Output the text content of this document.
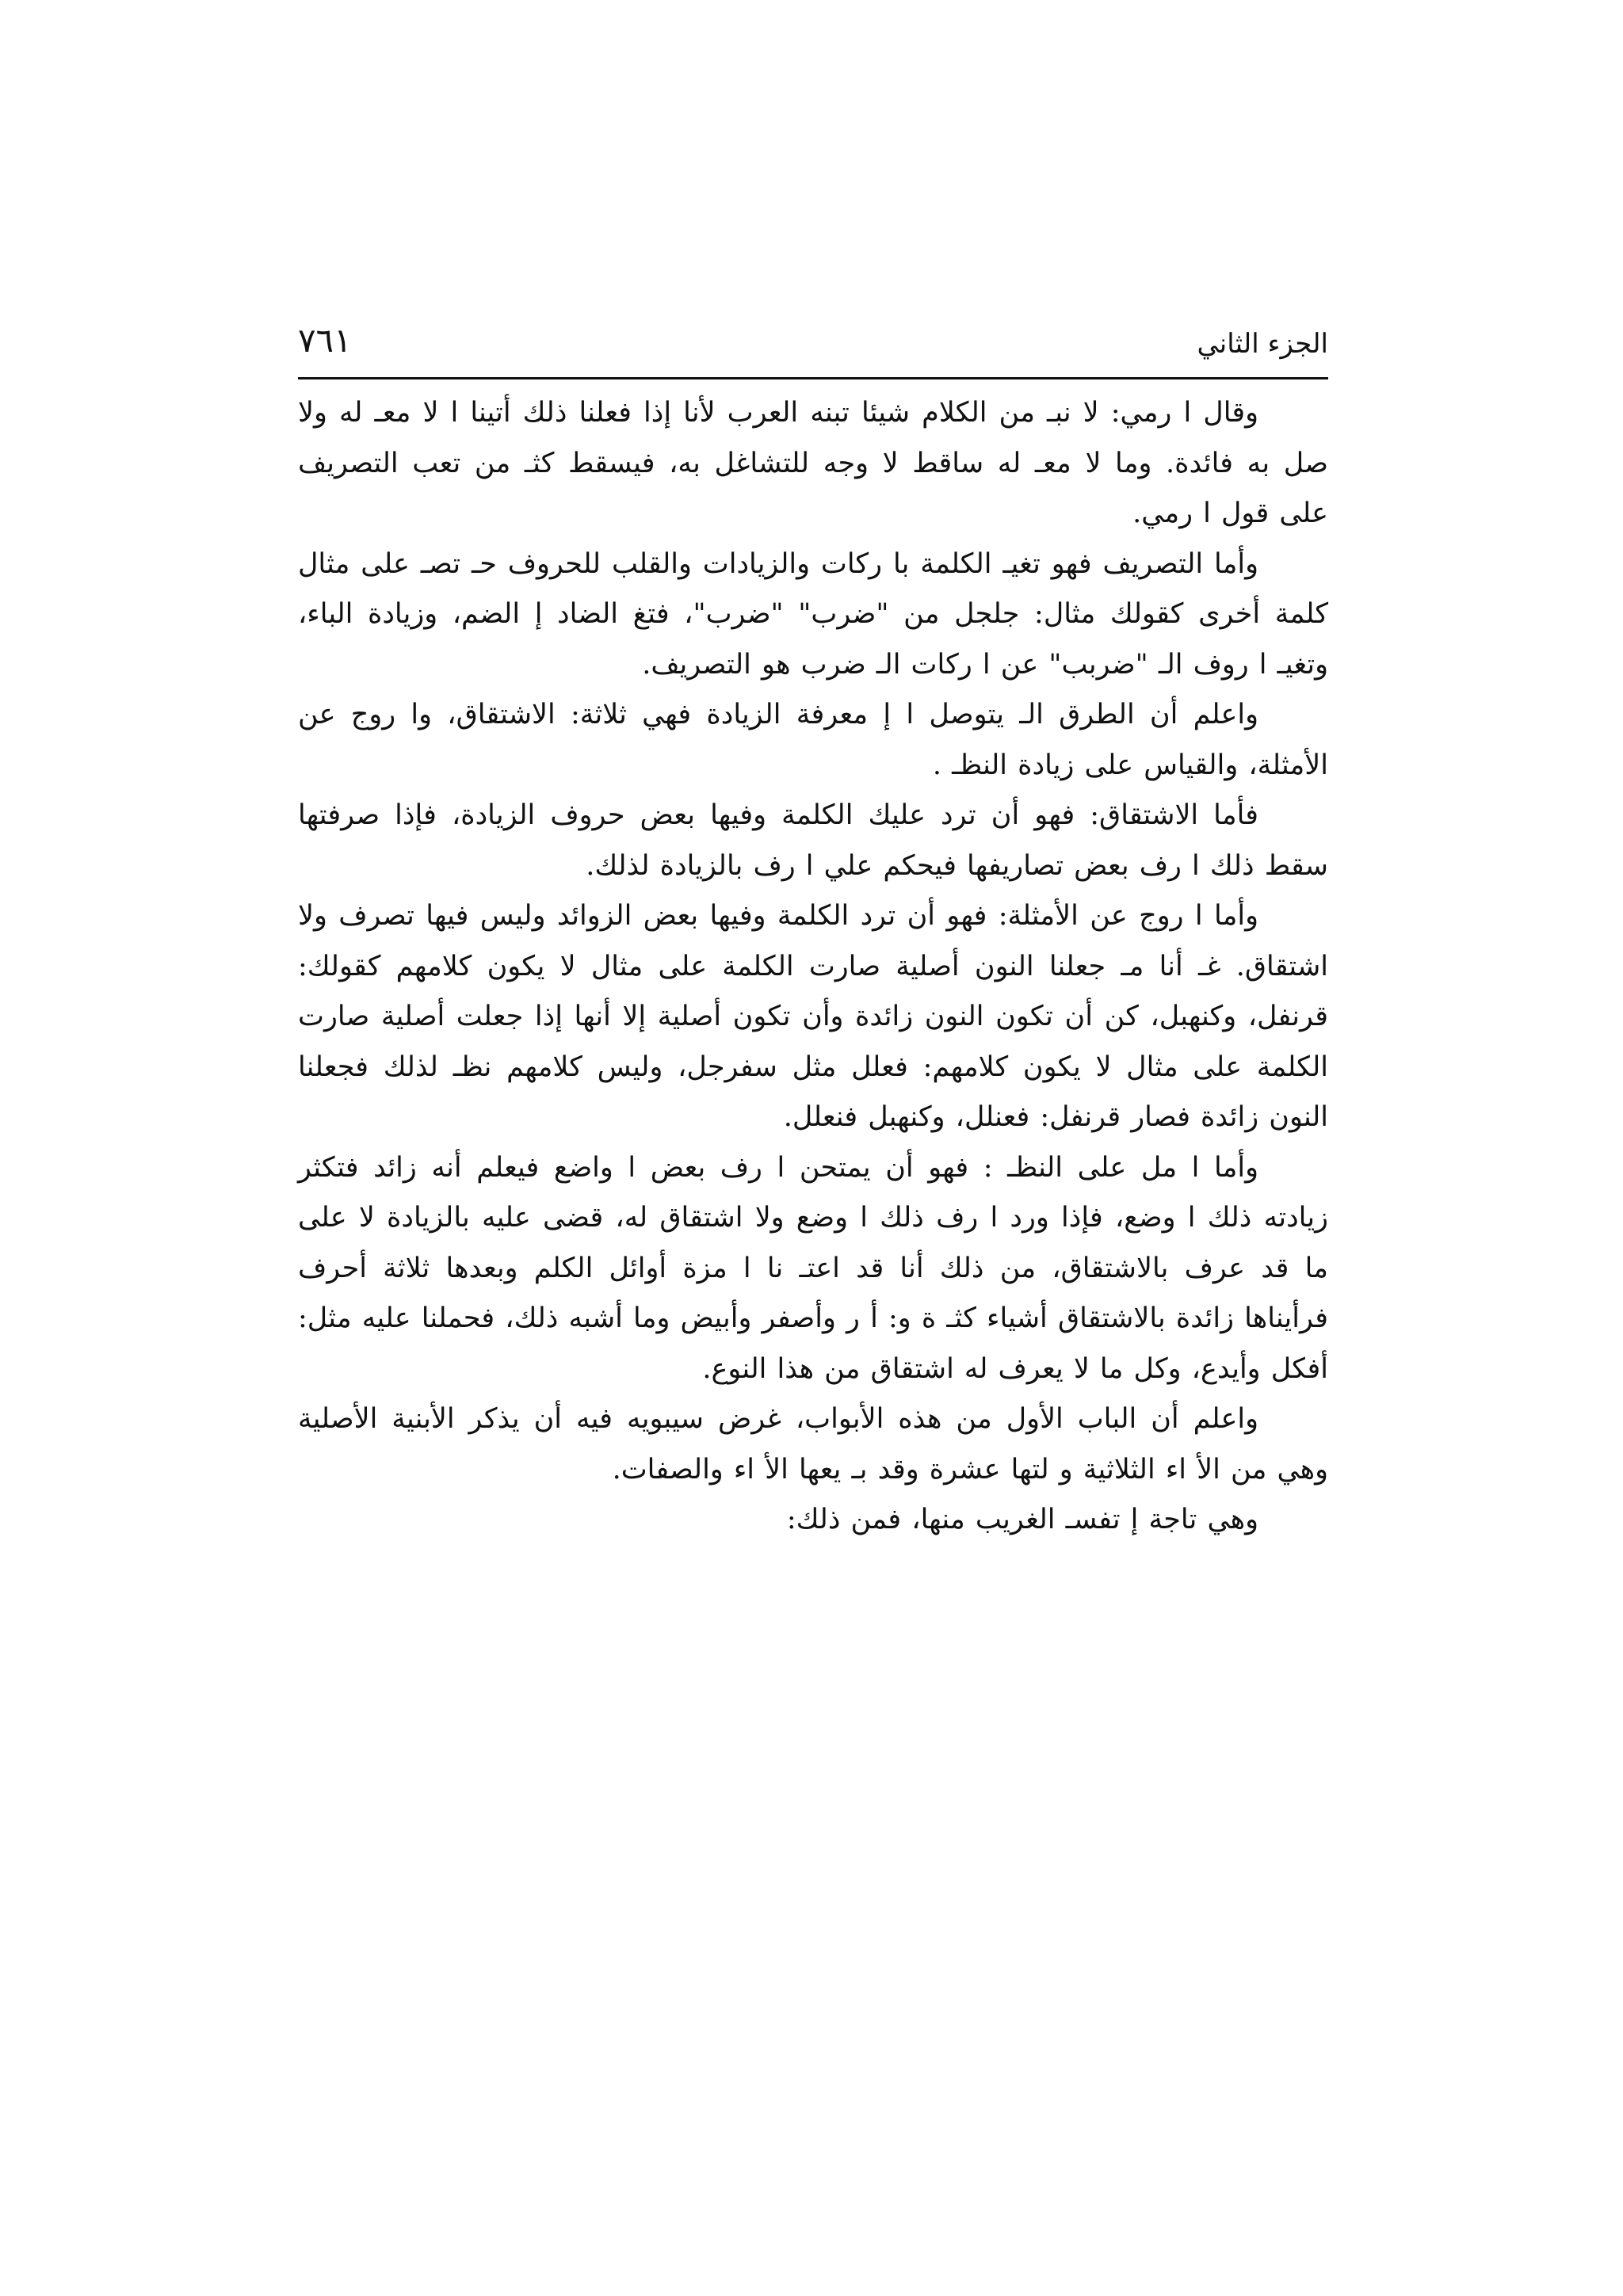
الجزء الثاني
٧٦١

وقال ا رمي: لا نبـ من الكلام شيئا تبنه العرب لأنا إذا فعلنا ذلك أتينا ا لا معـ له ولا صل به فائدة. وما لا معـ له ساقط لا وجه للتشاغل به، فيسقط كثـ من تعب التصريف على قول ا رمي.

وأما التصريف فهو تغيـ الكلمة با ركات والزيادات والقلب للحروف حـ تصـ على مثال كلمة أخرى كقولك مثال: جلجل من "ضرب" "ضرب"، فتغ الضاد إ الضم، وزيادة الباء، وتغيـ ا روف الـ "ضربب" عن ا ركات الـ ضرب هو التصريف.

واعلم أن الطرق الـ يتوصل ا إ معرفة الزيادة فهي ثلاثة: الاشتقاق، وا روج عن الأمثلة، والقياس على زيادة النظـ .

فأما الاشتقاق: فهو أن ترد عليك الكلمة وفيها بعض حروف الزيادة، فإذا صرفتها سقط ذلك ا رف بعض تصاريفها فيحكم علي ا رف بالزيادة لذلك.

وأما ا روج عن الأمثلة: فهو أن ترد الكلمة وفيها بعض الزوائد وليس فيها تصرف ولا اشتقاق. غـ أنا مـ جعلنا النون أصلية صارت الكلمة على مثال لا يكون كلامهم كقولك: قرنفل، وكنهبل، كن أن تكون النون زائدة وأن تكون أصلية إلا أنها إذا جعلت أصلية صارت الكلمة على مثال لا يكون كلامهم: فعلل مثل سفرجل، وليس كلامهم نظـ لذلك فجعلنا النون زائدة فصار قرنفل: فعنلل، وكنهبل فنعلل.

وأما ا مل على النظـ : فهو أن يمتحن ا رف بعض ا واضع فيعلم أنه زائد فتكثر زيادته ذلك ا وضع، فإذا ورد ا رف ذلك ا وضع ولا اشتقاق له، قضى عليه بالزيادة لا على ما قد عرف بالاشتقاق، من ذلك أنا قد اعتـ نا ا مزة أوائل الكلم وبعدها ثلاثة أحرف فرأيناها زائدة بالاشتقاق أشياء كثـ ة و: أ ر وأصفر وأبيض وما أشبه ذلك، فحملنا عليه مثل: أفكل وأيدع، وكل ما لا يعرف له اشتقاق من هذا النوع.

واعلم أن الباب الأول من هذه الأبواب، غرض سيبويه فيه أن يذكر الأبنية الأصلية وهي من الأ اء الثلاثية و لتها عشرة وقد بـ يعها الأ اء والصفات.

وهي تاجة إ تفسـ الغريب منها، فمن ذلك:
